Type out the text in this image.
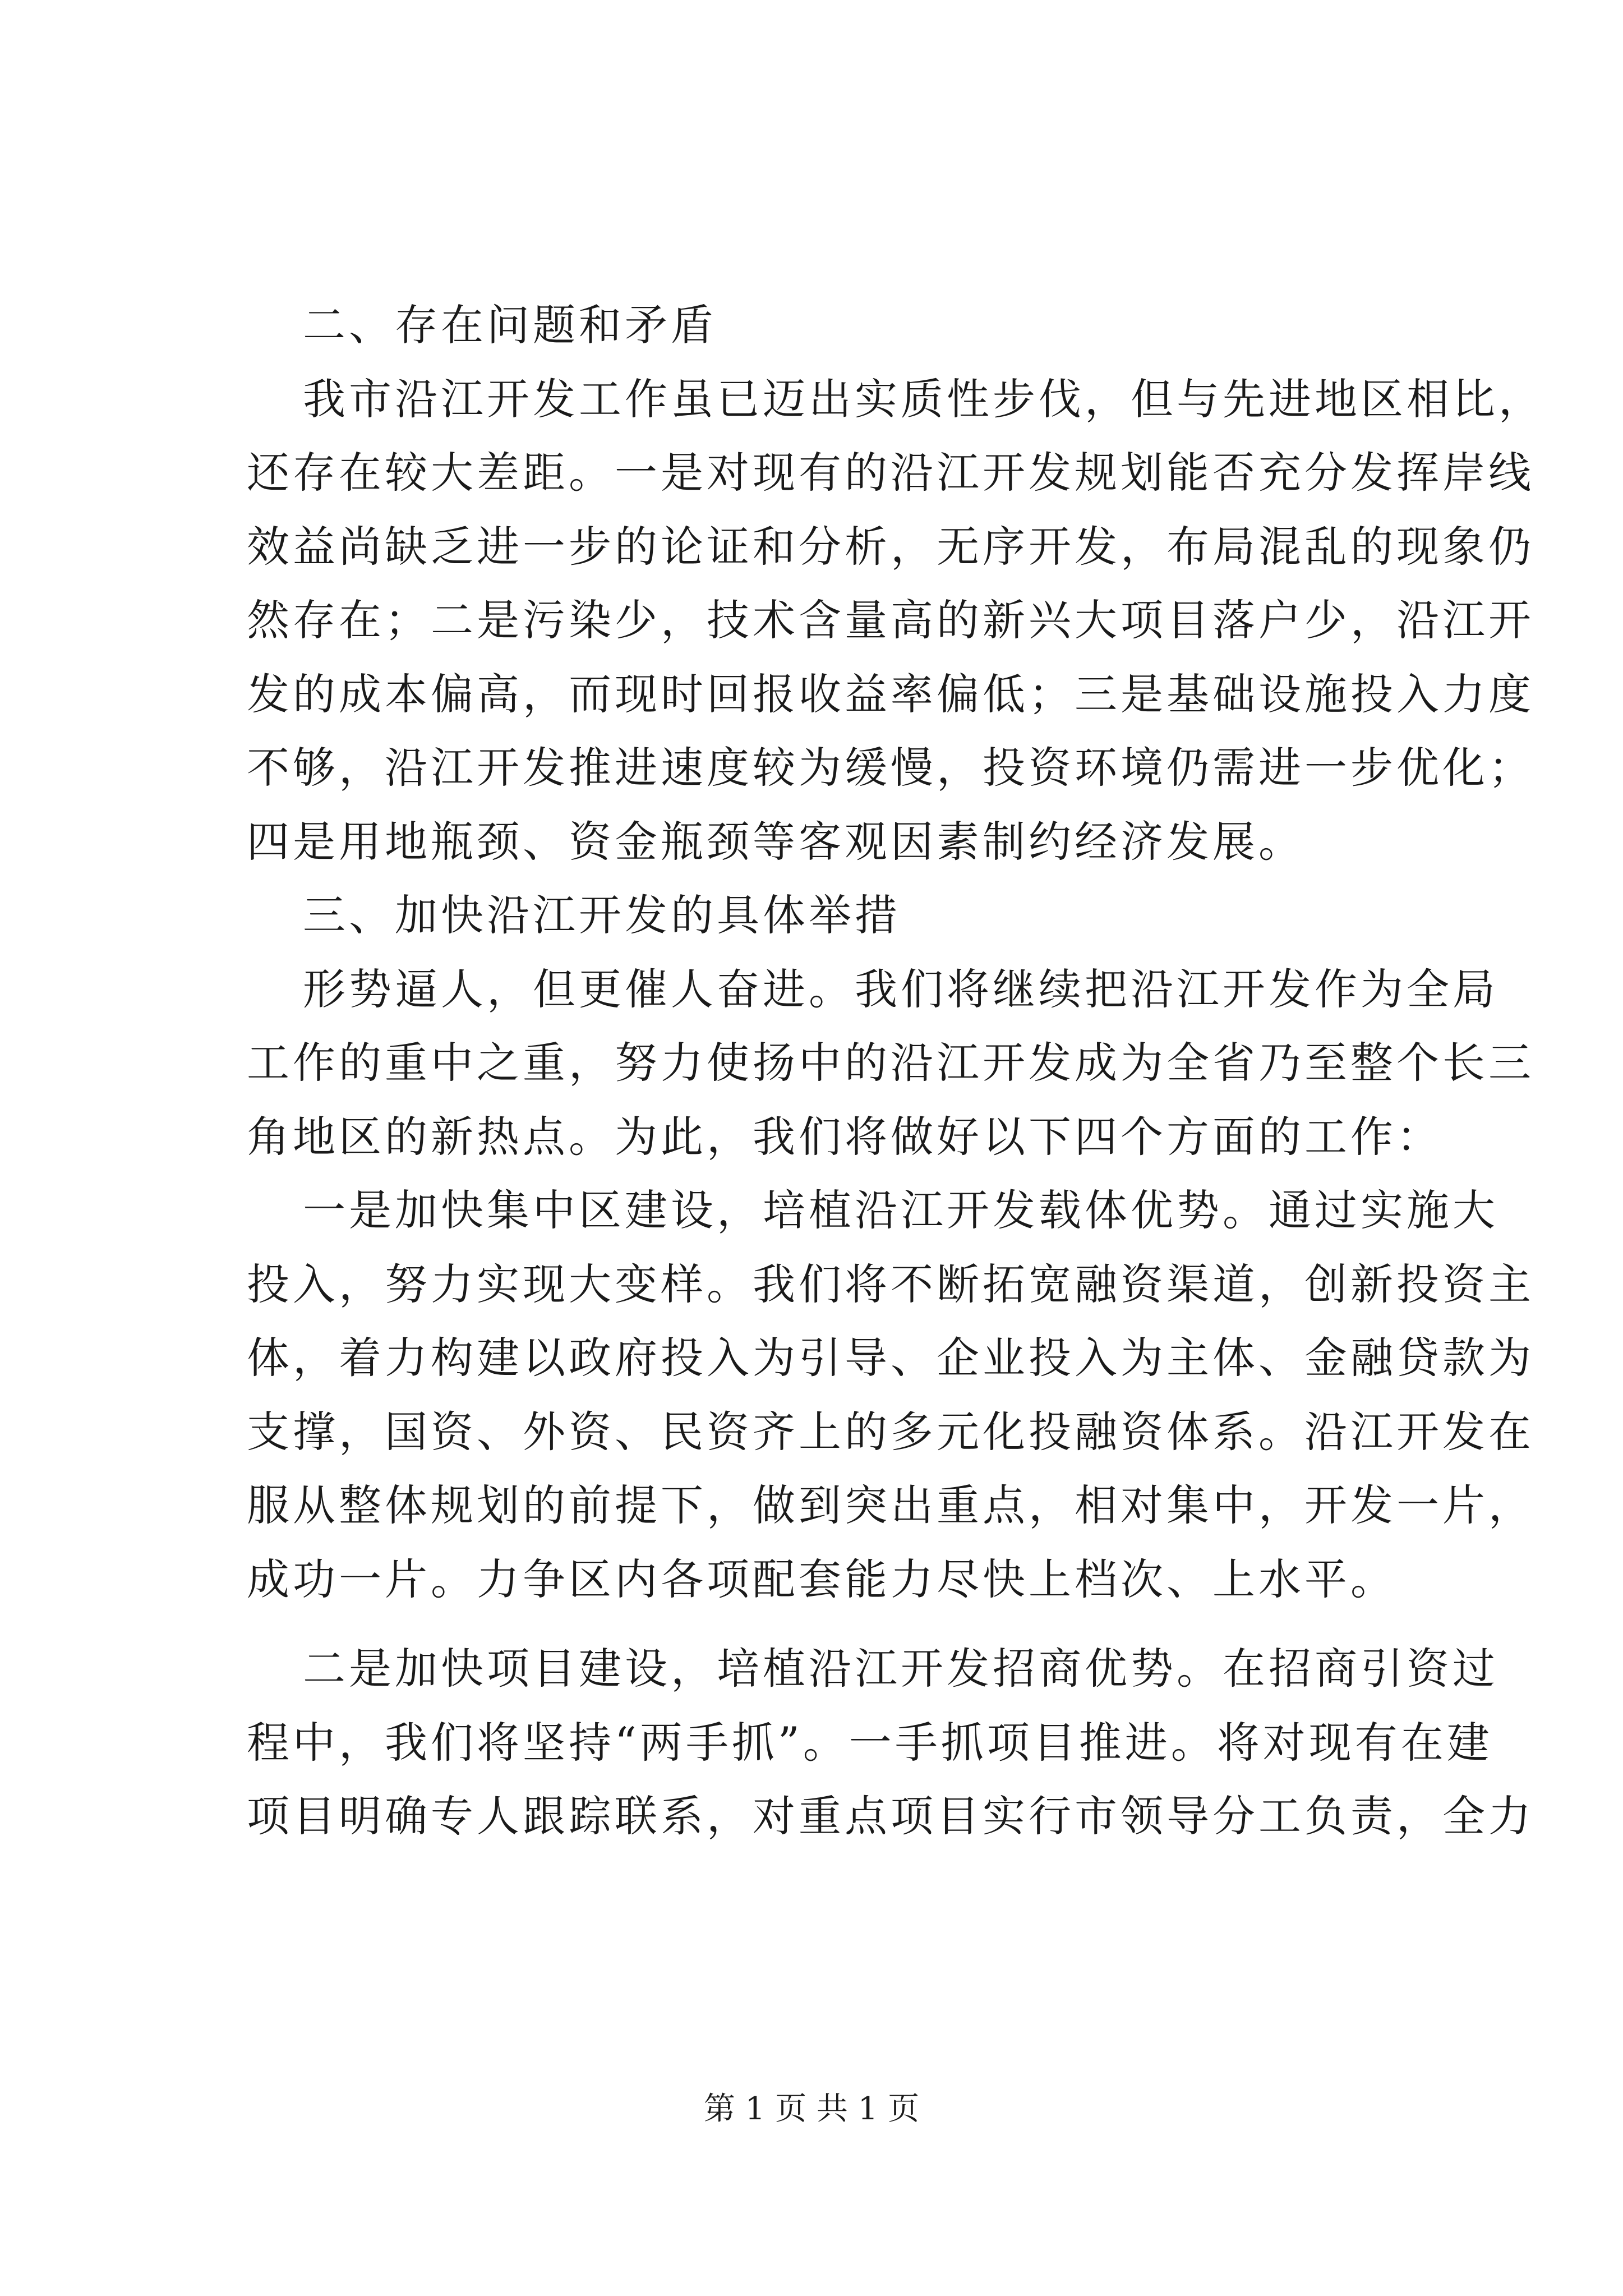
二、存在问题和矛盾
我市沿江开发工作虽已迈出实质性步伐，但与先进地区相比，
还存在较大差距。一是对现有的沿江开发规划能否充分发挥岸线
效益尚缺乏进一步的论证和分析，无序开发，布局混乱的现象仍
然存在；二是污染少，技术含量高的新兴大项目落户少，沿江开
发的成本偏高，而现时回报收益率偏低；三是基础设施投入力度
不够，沿江开发推进速度较为缓慢，投资环境仍需进一步优化；
四是用地瓶颈、资金瓶颈等客观因素制约经济发展。
三、加快沿江开发的具体举措
形势逼人，但更催人奋进。我们将继续把沿江开发作为全局
工作的重中之重，努力使扬中的沿江开发成为全省乃至整个长三
角地区的新热点。为此，我们将做好以下四个方面的工作：
一是加快集中区建设，培植沿江开发载体优势。通过实施大
投入，努力实现大变样。我们将不断拓宽融资渠道，创新投资主
体，着力构建以政府投入为引导、企业投入为主体、金融贷款为
支撑，国资、外资、民资齐上的多元化投融资体系。沿江开发在
服从整体规划的前提下，做到突出重点，相对集中，开发一片，
成功一片。力争区内各项配套能力尽快上档次、上水平。
二是加快项目建设，培植沿江开发招商优势。在招商引资过
程中，我们将坚持“两手抓”。一手抓项目推进。将对现有在建
项目明确专人跟踪联系，对重点项目实行市领导分工负责，全力
第 1 页 共 1 页
